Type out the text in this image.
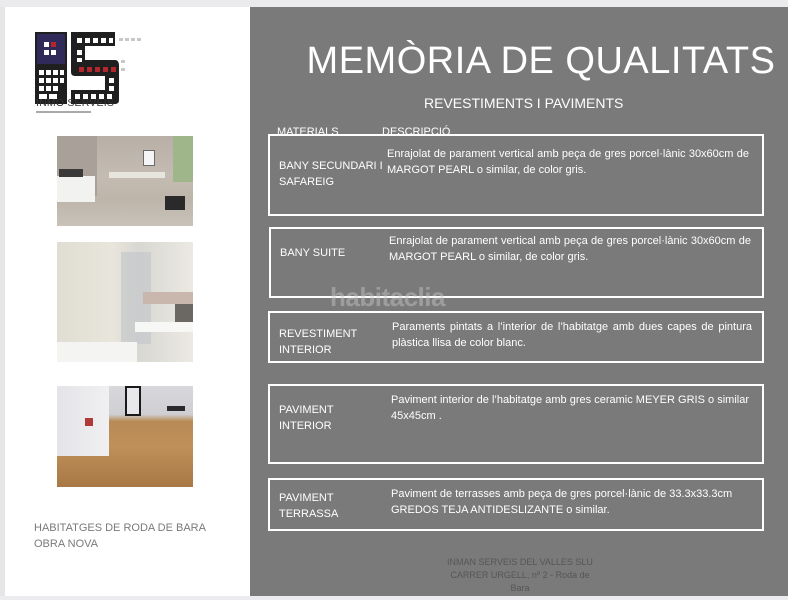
INMO SERVEIS
HABITATGES DE RODA DE BARA
OBRA NOVA
MEMÒRIA DE QUALITATS
REVESTIMENTS I PAVIMENTS
MATERIALS	DESCRIPCIÓ
BANY SECUNDARI I SAFAREIG
Enrajolat de parament vertical amb peça de gres porcel·lànic 30x60cm de MARGOT PEARL o similar, de color gris.
BANY SUITE
Enrajolat de parament vertical amb peça de gres porcel·lànic 30x60cm de MARGOT PEARL o similar, de color gris.
habitaclia
REVESTIMENT INTERIOR
Paraments pintats a l’interior de l’habitatge amb dues capes de pintura plàstica llisa de color blanc.
PAVIMENT INTERIOR
Paviment interior de l’habitatge amb gres ceramic MEYER GRIS o similar 45x45cm .
PAVIMENT TERRASSA
Paviment de terrasses amb peça de gres porcel·lànic de 33.3x33.3cm GREDOS TEJA ANTIDESLIZANTE o similar.
INMAN SERVEIS DEL VALLES SLU
CARRER URGELL, nº 2 - Roda de
Bara
